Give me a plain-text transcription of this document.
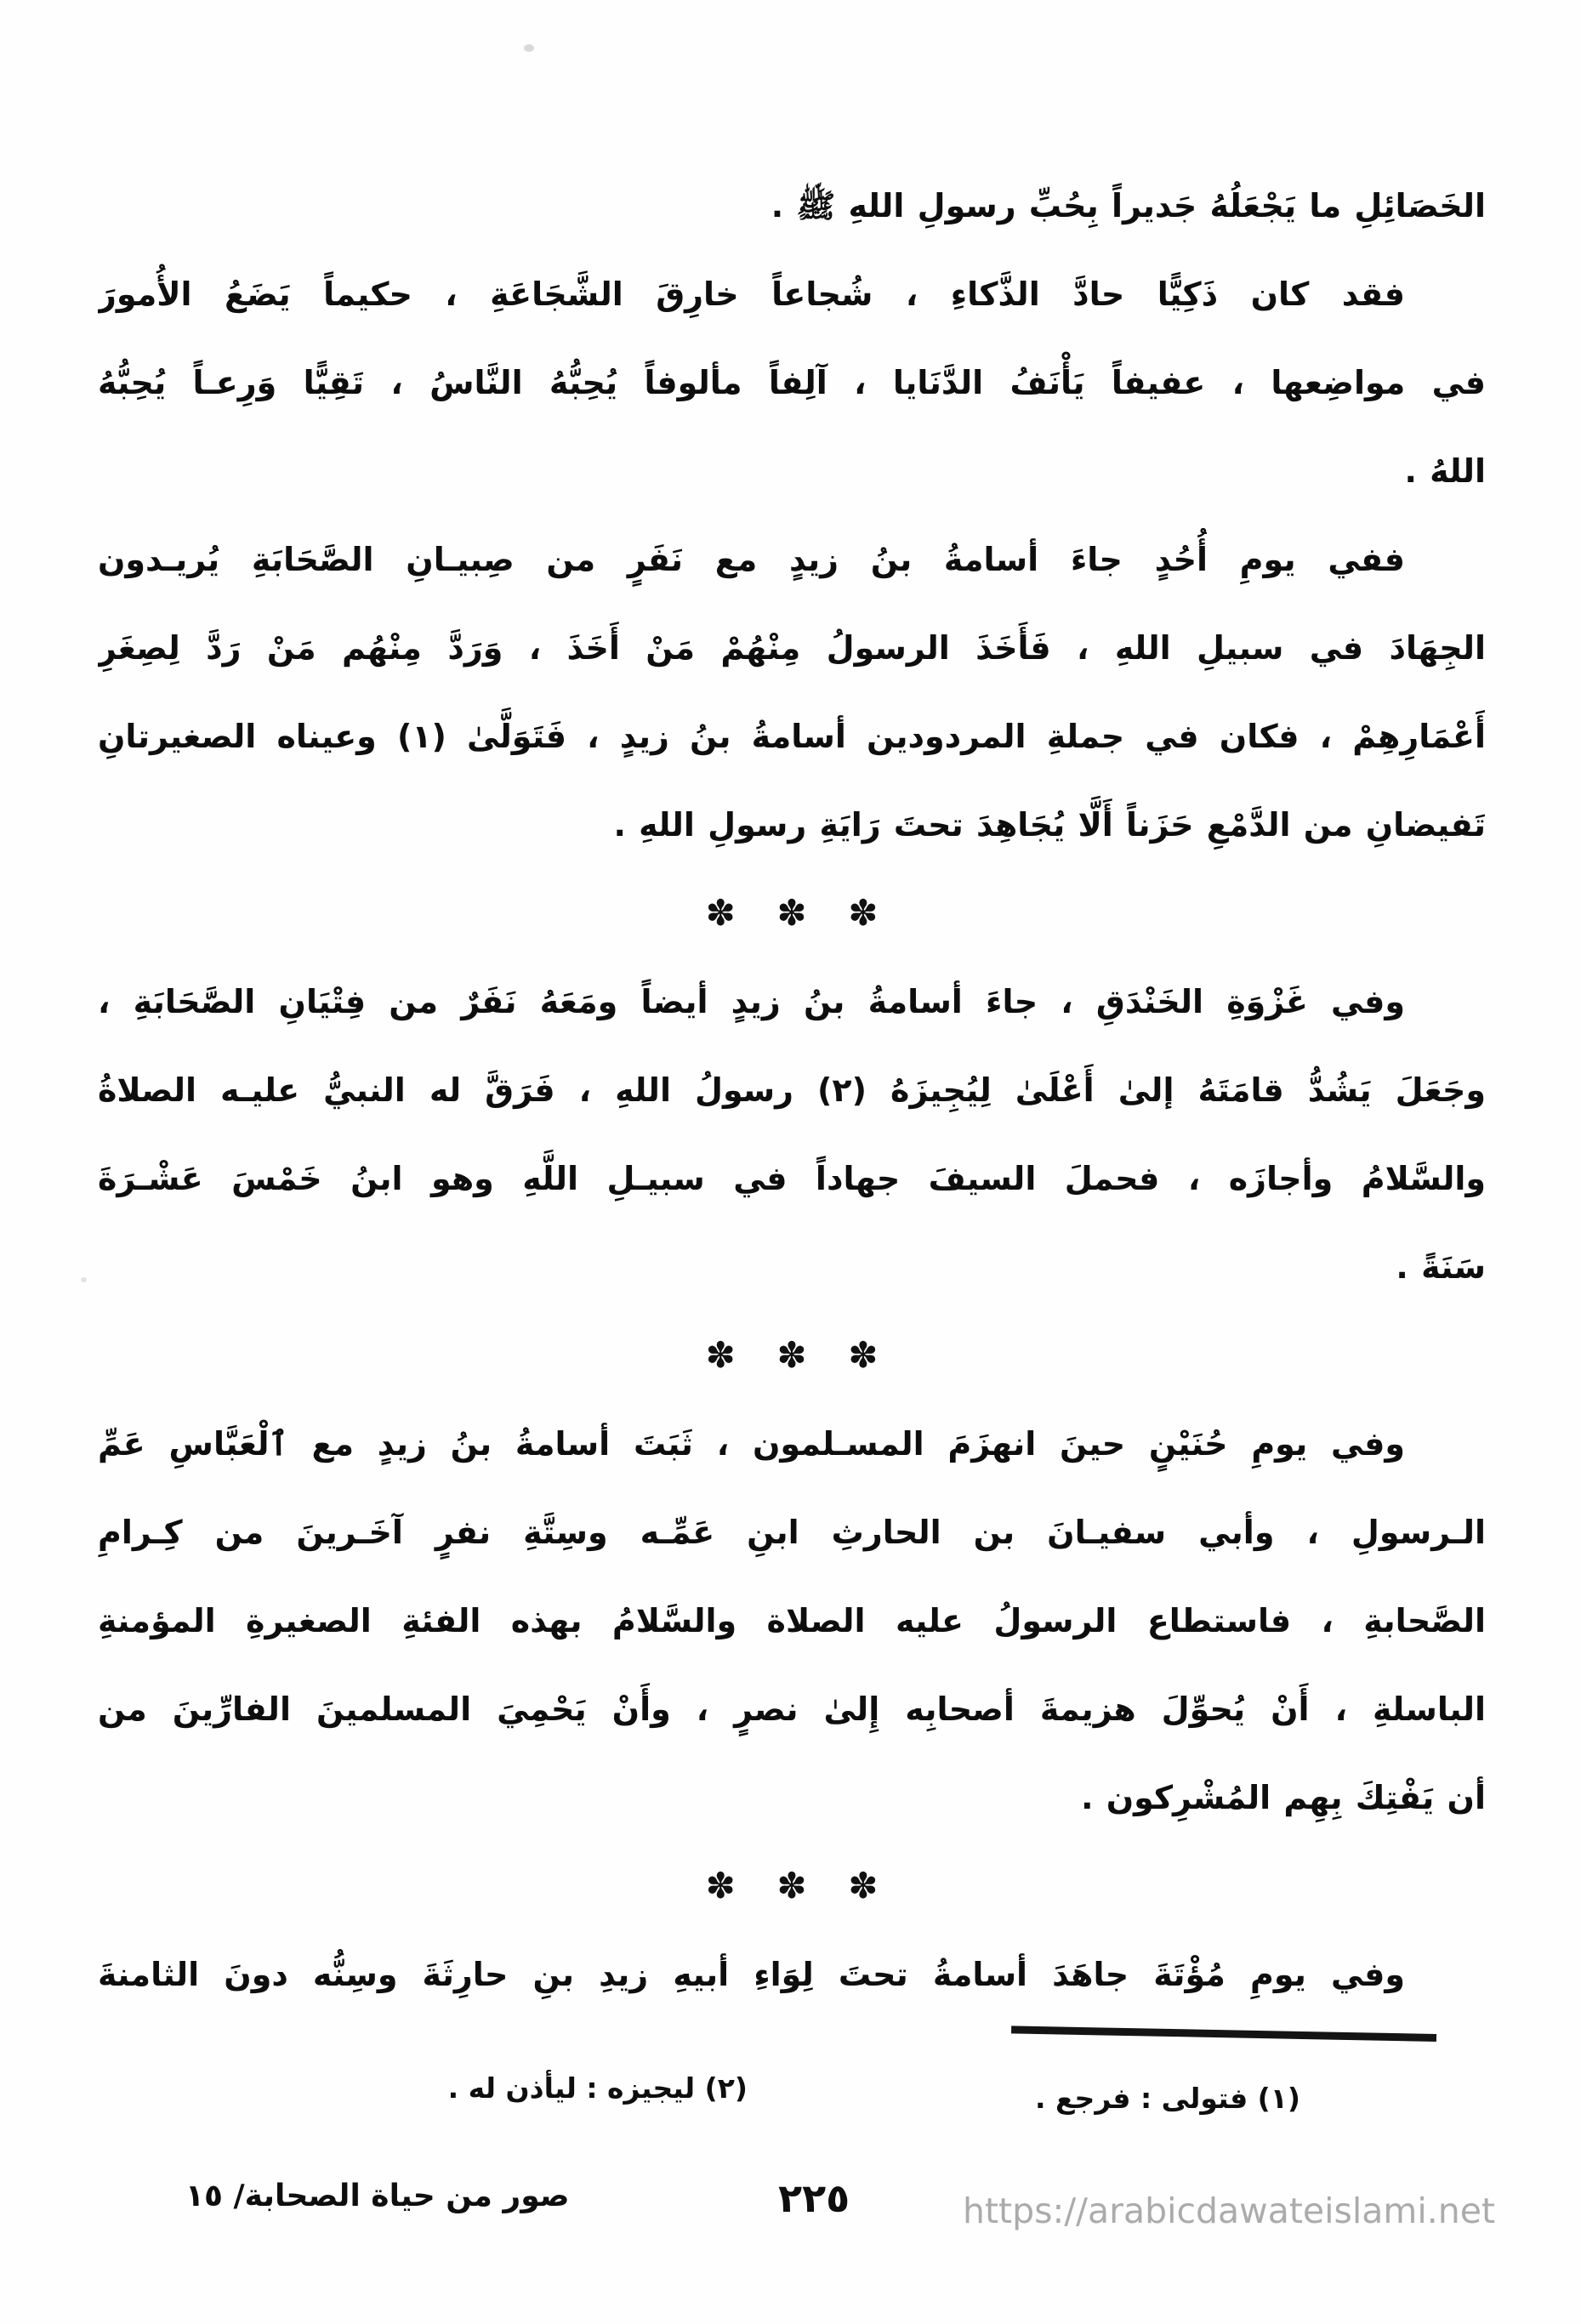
الخَصَائِلِ ما يَجْعَلُهُ جَديراً بِحُبِّ رسولِ اللهِ ﷺ .
فقد كان ذَكِيًّا حادَّ الذَّكاءِ ، شُجاعاً خارِقَ الشَّجَاعَةِ ، حكيماً يَضَعُ الأُمورَ
في مواضِعها ، عفيفاً يَأْنَفُ الدَّنَايا ، آلِفاً مألوفاً يُحِبُّهُ النَّاسُ ، تَقِيًّا وَرِعـاً يُحِبُّهُ
اللهُ .
ففي يومِ أُحُدٍ جاءَ أسامةُ بنُ زيدٍ مع نَفَرٍ من صِبيـانِ الصَّحَابَةِ يُريـدون
الجِهَادَ في سبيلِ اللهِ ، فَأَخَذَ الرسولُ مِنْهُمْ مَنْ أَخَذَ ، وَرَدَّ مِنْهُم مَنْ رَدَّ لِصِغَرِ
أَعْمَارِهِمْ ، فكان في جملةِ المردودين أسامةُ بنُ زيدٍ ، فَتَوَلَّىٰ (١) وعيناه الصغيرتانِ
تَفيضانِ من الدَّمْعِ حَزَناً أَلَّا يُجَاهِدَ تحتَ رَايَةِ رسولِ اللهِ .
✽ ✽ ✽
وفي غَزْوَةِ الخَنْدَقِ ، جاءَ أسامةُ بنُ زيدٍ أيضاً ومَعَهُ نَفَرٌ من فِتْيَانِ الصَّحَابَةِ ،
وجَعَلَ يَشُدُّ قامَتَهُ إلىٰ أَعْلَىٰ لِيُجِيزَهُ (٢) رسولُ اللهِ ، فَرَقَّ له النبيُّ عليـه الصلاةُ
والسَّلامُ وأجازَه ، فحملَ السيفَ جهاداً في سبيـلِ اللَّهِ وهو ابنُ خَمْسَ عَشْـرَةَ
سَنَةً .
✽ ✽ ✽
وفي يومِ حُنَيْنٍ حينَ انهزَمَ المسـلمون ، ثَبَتَ أسامةُ بنُ زيدٍ مع ٱلْعَبَّاسِ عَمِّ
الـرسولِ ، وأبي سفيـانَ بن الحارثِ ابنِ عَمِّـه وسِتَّةِ نفرٍ آخَـرينَ من كِـرامِ
الصَّحابةِ ، فاستطاع الرسولُ عليه الصلاة والسَّلامُ بهذه الفئةِ الصغيرةِ المؤمنةِ
الباسلةِ ، أَنْ يُحوِّلَ هزيمةَ أصحابِه إِلىٰ نصرٍ ، وأَنْ يَحْمِيَ المسلمينَ الفارِّينَ من
أن يَفْتِكَ بِهِم المُشْرِكون .
✽ ✽ ✽
وفي يومِ مُؤْتَةَ جاهَدَ أسامةُ تحتَ لِوَاءِ أبيهِ زيدِ بنِ حارِثَةَ وسِنُّه دونَ الثامنةَ
(١) فتولى : فرجع .
(٢) ليجيزه : ليأذن له .
صور من حياة الصحابة/ ١٥	٢٢٥	https://arabicdawateislami.net
